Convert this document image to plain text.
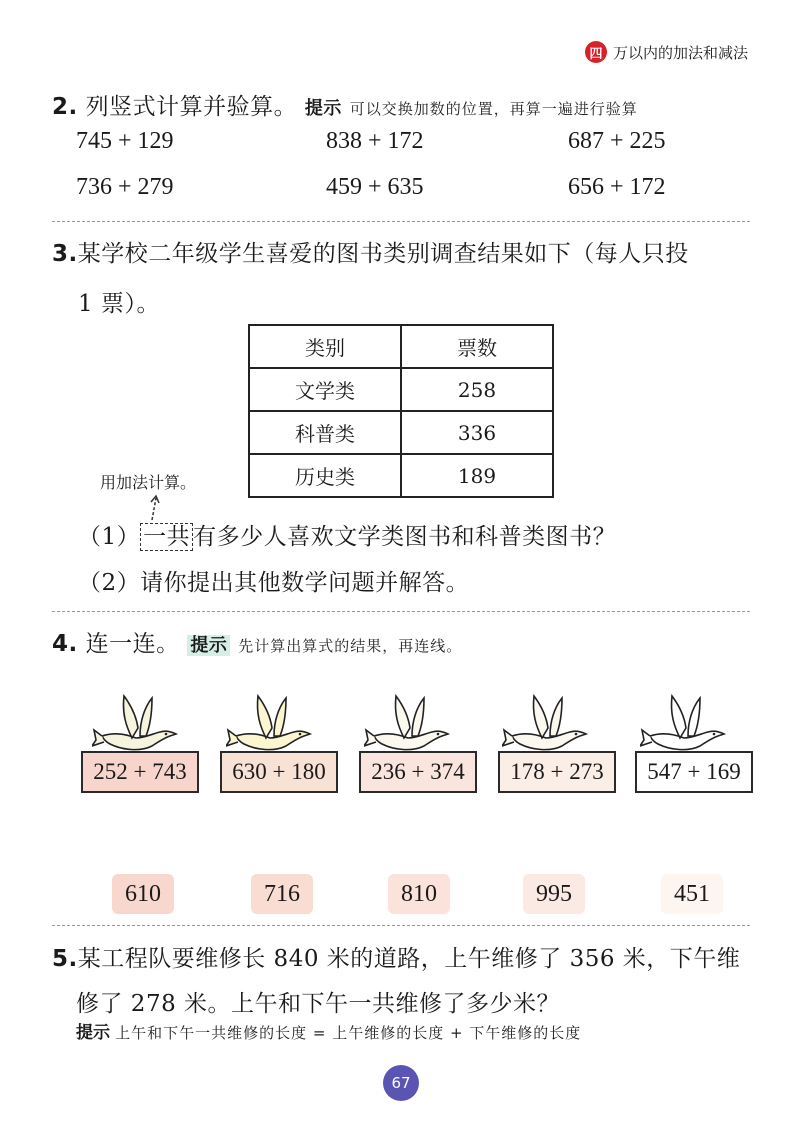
四 万以内的加法和减法
2. 列竖式计算并验算。 提示 可以交换加数的位置，再算一遍进行验算
745 + 129	838 + 172	687 + 225
736 + 279	459 + 635	656 + 172
3.某学校二年级学生喜爱的图书类别调查结果如下（每人只投
1 票）。
类别	票数
文学类	258
科普类	336
历史类	189
用加法计算。
（1） 一共 有多少人喜欢文学类图书和科普类图书？
（2）请你提出其他数学问题并解答。
4. 连一连。 提示 先计算出算式的结果，再连线。
252 + 743	630 + 180	236 + 374	178 + 273	547 + 169
610	716	810	995	451
5.某工程队要维修长 840 米的道路，上午维修了 356 米，下午维
修了 278 米。上午和下午一共维修了多少米？
提示 上午和下午一共维修的长度 = 上午维修的长度 + 下午维修的长度
67
